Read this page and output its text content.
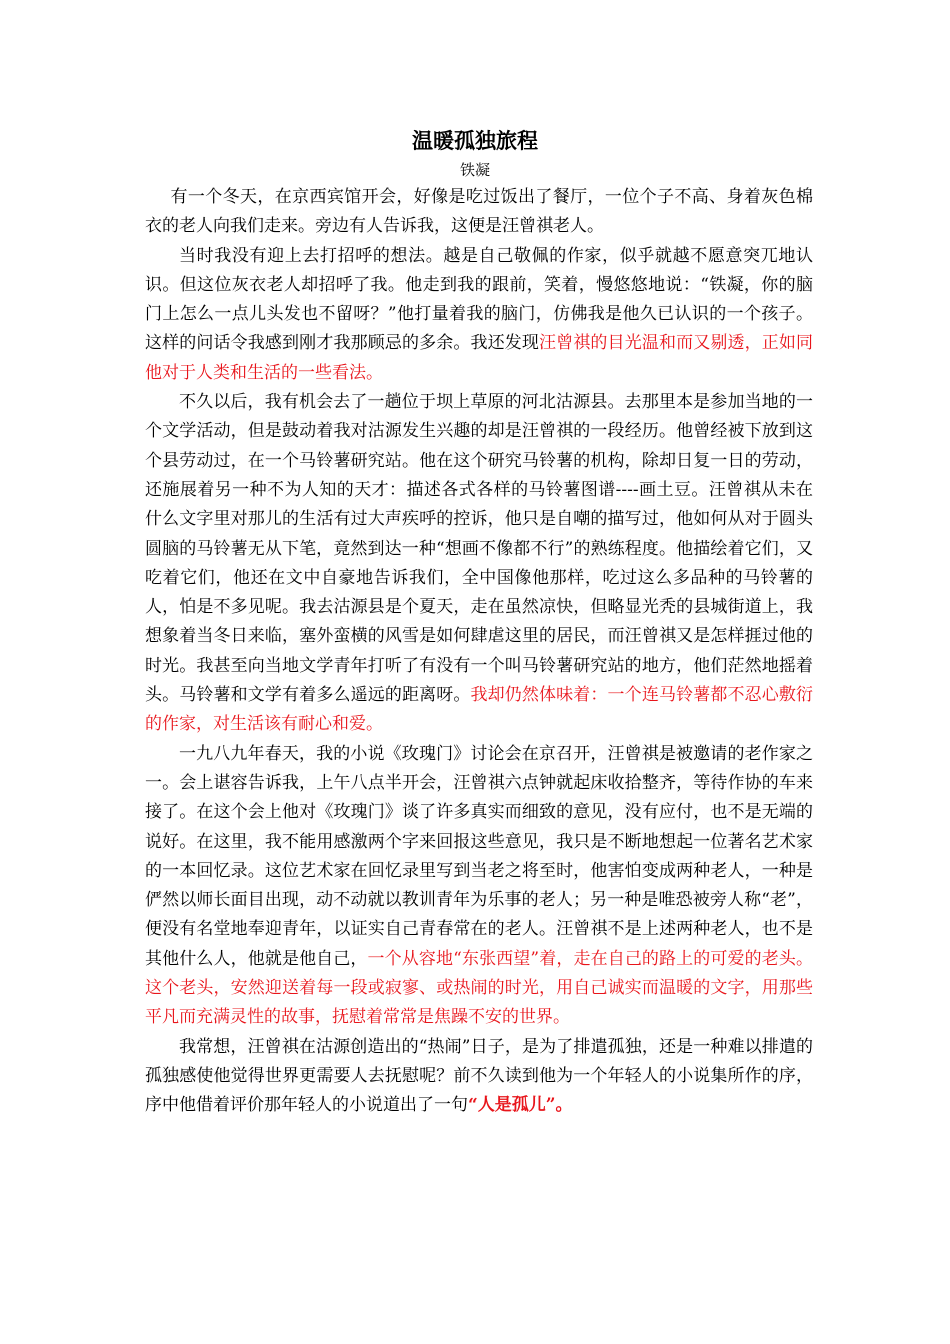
温暖孤独旅程
铁凝

有一个冬天，在京西宾馆开会，好像是吃过饭出了餐厅，一位个子不高、身着灰色棉衣的老人向我们走来。旁边有人告诉我，这便是汪曾祺老人。

当时我没有迎上去打招呼的想法。越是自己敬佩的作家，似乎就越不愿意突兀地认识。但这位灰衣老人却招呼了我。他走到我的跟前，笑着，慢悠悠地说：“铁凝，你的脑门上怎么一点儿头发也不留呀？”他打量着我的脑门，仿佛我是他久已认识的一个孩子。这样的问话令我感到刚才我那顾忌的多余。我还发现汪曾祺的目光温和而又剔透，正如同他对于人类和生活的一些看法。

不久以后，我有机会去了一趟位于坝上草原的河北沽源县。去那里本是参加当地的一个文学活动，但是鼓动着我对沽源发生兴趣的却是汪曾祺的一段经历。他曾经被下放到这个县劳动过，在一个马铃薯研究站。他在这个研究马铃薯的机构，除却日复一日的劳动，还施展着另一种不为人知的天才：描述各式各样的马铃薯图谱----画土豆。汪曾祺从未在什么文字里对那儿的生活有过大声疾呼的控诉，他只是自嘲的描写过，他如何从对于圆头圆脑的马铃薯无从下笔，竟然到达一种“想画不像都不行”的熟练程度。他描绘着它们，又吃着它们，他还在文中自豪地告诉我们，全中国像他那样，吃过这么多品种的马铃薯的人，怕是不多见呢。我去沽源县是个夏天，走在虽然凉快，但略显光秃的县城街道上，我想象着当冬日来临，塞外蛮横的风雪是如何肆虐这里的居民，而汪曾祺又是怎样捱过他的时光。我甚至向当地文学青年打听了有没有一个叫马铃薯研究站的地方，他们茫然地摇着头。马铃薯和文学有着多么遥远的距离呀。我却仍然体味着：一个连马铃薯都不忍心敷衍的作家，对生活该有耐心和爱。

一九八九年春天，我的小说《玫瑰门》讨论会在京召开，汪曾祺是被邀请的老作家之一。会上谌容告诉我，上午八点半开会，汪曾祺六点钟就起床收拾整齐，等待作协的车来接了。在这个会上他对《玫瑰门》谈了许多真实而细致的意见，没有应付，也不是无端的说好。在这里，我不能用感激两个字来回报这些意见，我只是不断地想起一位著名艺术家的一本回忆录。这位艺术家在回忆录里写到当老之将至时，他害怕变成两种老人，一种是俨然以师长面目出现，动不动就以教训青年为乐事的老人；另一种是唯恐被旁人称“老”，便没有名堂地奉迎青年，以证实自己青春常在的老人。汪曾祺不是上述两种老人，也不是其他什么人，他就是他自己，一个从容地“东张西望”着，走在自己的路上的可爱的老头。这个老头，安然迎送着每一段或寂寥、或热闹的时光，用自己诚实而温暖的文字，用那些平凡而充满灵性的故事，抚慰着常常是焦躁不安的世界。

我常想，汪曾祺在沽源创造出的“热闹”日子，是为了排遣孤独，还是一种难以排遣的孤独感使他觉得世界更需要人去抚慰呢？前不久读到他为一个年轻人的小说集所作的序，序中他借着评价那年轻人的小说道出了一句“人是孤儿”。
